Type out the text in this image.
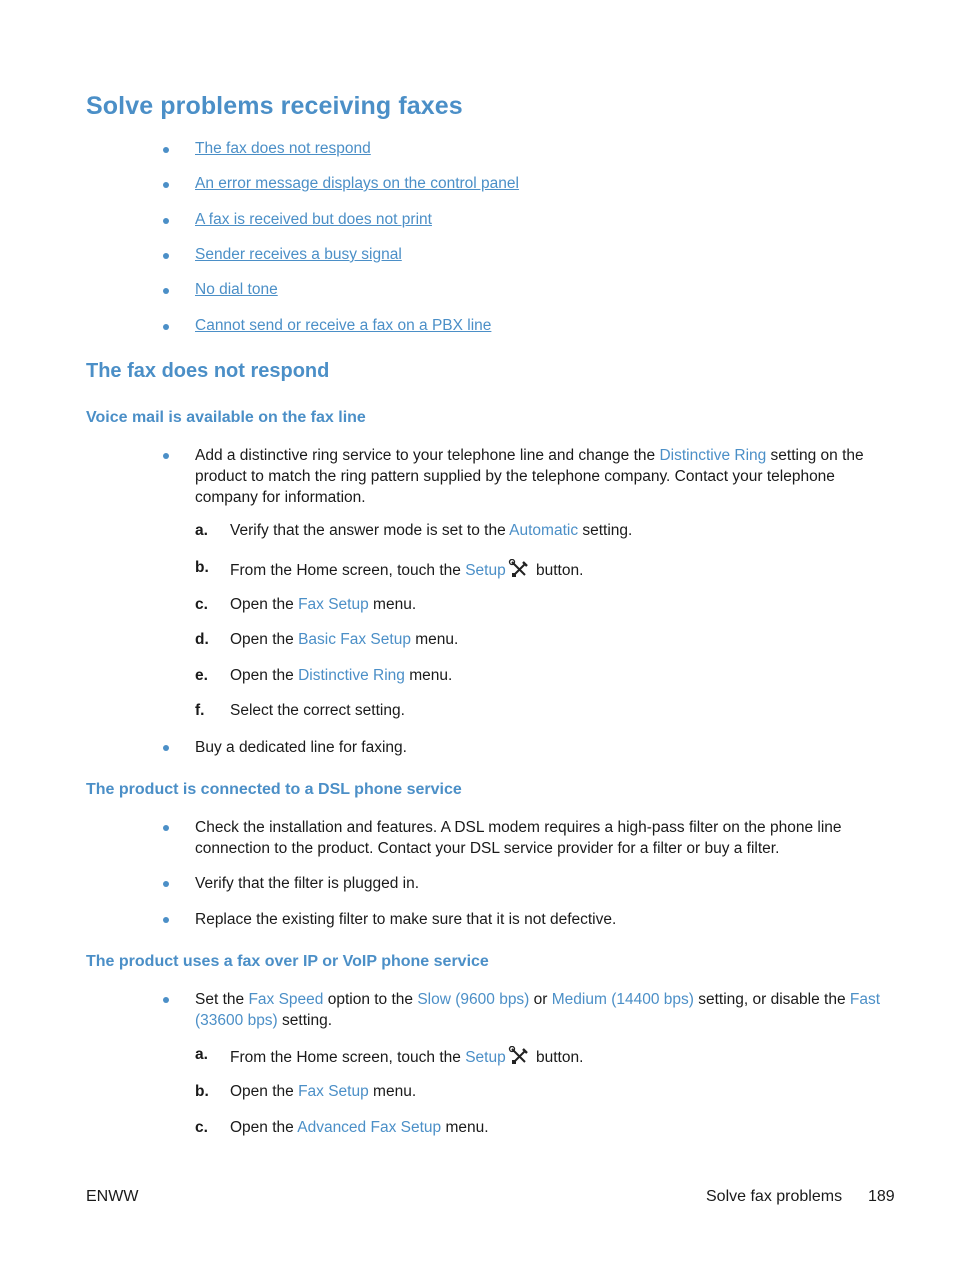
Solve problems receiving faxes
The fax does not respond
An error message displays on the control panel
A fax is received but does not print
Sender receives a busy signal
No dial tone
Cannot send or receive a fax on a PBX line
The fax does not respond
Voice mail is available on the fax line
Add a distinctive ring service to your telephone line and change the Distinctive Ring setting on the product to match the ring pattern supplied by the telephone company. Contact your telephone company for information.
a. Verify that the answer mode is set to the Automatic setting.
b. From the Home screen, touch the Setup button.
c. Open the Fax Setup menu.
d. Open the Basic Fax Setup menu.
e. Open the Distinctive Ring menu.
f. Select the correct setting.
Buy a dedicated line for faxing.
The product is connected to a DSL phone service
Check the installation and features. A DSL modem requires a high-pass filter on the phone line connection to the product. Contact your DSL service provider for a filter or buy a filter.
Verify that the filter is plugged in.
Replace the existing filter to make sure that it is not defective.
The product uses a fax over IP or VoIP phone service
Set the Fax Speed option to the Slow (9600 bps) or Medium (14400 bps) setting, or disable the Fast (33600 bps) setting.
a. From the Home screen, touch the Setup button.
b. Open the Fax Setup menu.
c. Open the Advanced Fax Setup menu.
ENWW	Solve fax problems 189
